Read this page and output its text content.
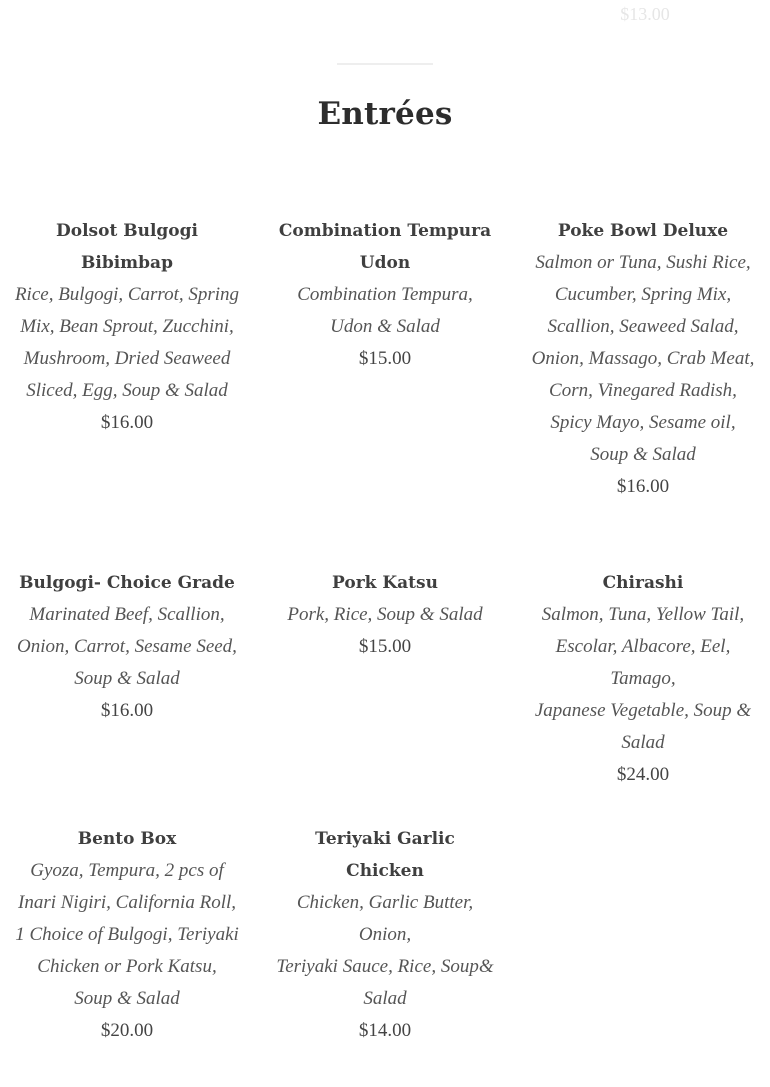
$13.00
Entrées
Dolsot Bulgogi Bibimbap
Rice, Bulgogi, Carrot, Spring Mix, Bean Sprout, Zucchini, Mushroom, Dried Seaweed Sliced, Egg, Soup & Salad
$16.00
Combination Tempura Udon
Combination Tempura, Udon & Salad
$15.00
Poke Bowl Deluxe
Salmon or Tuna, Sushi Rice, Cucumber, Spring Mix, Scallion, Seaweed Salad, Onion, Massago, Crab Meat, Corn, Vinegared Radish, Spicy Mayo, Sesame oil, Soup & Salad
$16.00
Bulgogi- Choice Grade
Marinated Beef, Scallion, Onion, Carrot, Sesame Seed,
Soup & Salad
$16.00
Pork Katsu
Pork, Rice, Soup & Salad
$15.00
Chirashi
Salmon, Tuna, Yellow Tail, Escolar, Albacore, Eel, Tamago,
Japanese Vegetable, Soup & Salad
$24.00
Bento Box
Gyoza, Tempura, 2 pcs of Inari Nigiri, California Roll, 1 Choice of Bulgogi, Teriyaki Chicken or Pork Katsu,
Soup & Salad
$20.00
Teriyaki Garlic Chicken
Chicken, Garlic Butter, Onion,
Teriyaki Sauce, Rice, Soup& Salad
$14.00
